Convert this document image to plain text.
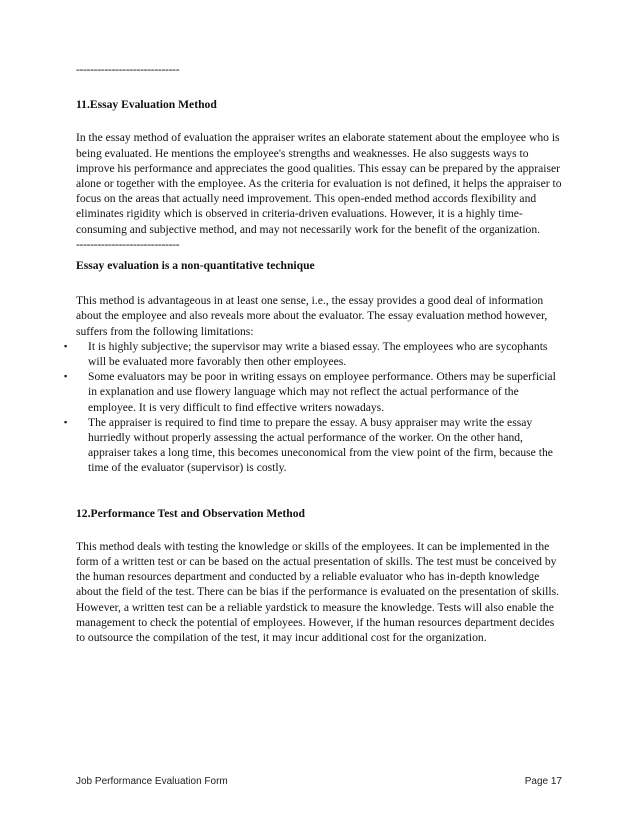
-----------------------------
11.Essay Evaluation Method

In the essay method of evaluation the appraiser writes an elaborate statement about the employee who is being evaluated. He mentions the employee's strengths and weaknesses. He also suggests ways to improve his performance and appreciates the good qualities. This essay can be prepared by the appraiser alone or together with the employee. As the criteria for evaluation is not defined, it helps the appraiser to focus on the areas that actually need improvement. This open-ended method accords flexibility and eliminates rigidity which is observed in criteria-driven evaluations. However, it is a highly time-consuming and subjective method, and may not necessarily work for the benefit of the organization.

-----------------------------
Essay evaluation is a non-quantitative technique

This method is advantageous in at least one sense, i.e., the essay provides a good deal of information about the employee and also reveals more about the evaluator. The essay evaluation method however, suffers from the following limitations:

▪ It is highly subjective; the supervisor may write a biased essay. The employees who are sycophants will be evaluated more favorably then other employees.
▪ Some evaluators may be poor in writing essays on employee performance. Others may be superficial in explanation and use flowery language which may not reflect the actual performance of the employee. It is very difficult to find effective writers nowadays.
▪ The appraiser is required to find time to prepare the essay. A busy appraiser may write the essay hurriedly without properly assessing the actual performance of the worker. On the other hand, appraiser takes a long time, this becomes uneconomical from the view point of the firm, because the time of the evaluator (supervisor) is costly.
12.Performance Test and Observation Method

This method deals with testing the knowledge or skills of the employees. It can be implemented in the form of a written test or can be based on the actual presentation of skills. The test must be conceived by the human resources department and conducted by a reliable evaluator who has in-depth knowledge about the field of the test. There can be bias if the performance is evaluated on the presentation of skills. However, a written test can be a reliable yardstick to measure the knowledge. Tests will also enable the management to check the potential of employees. However, if the human resources department decides to outsource the compilation of the test, it may incur additional cost for the organization.

Job Performance Evaluation Form	Page 17
